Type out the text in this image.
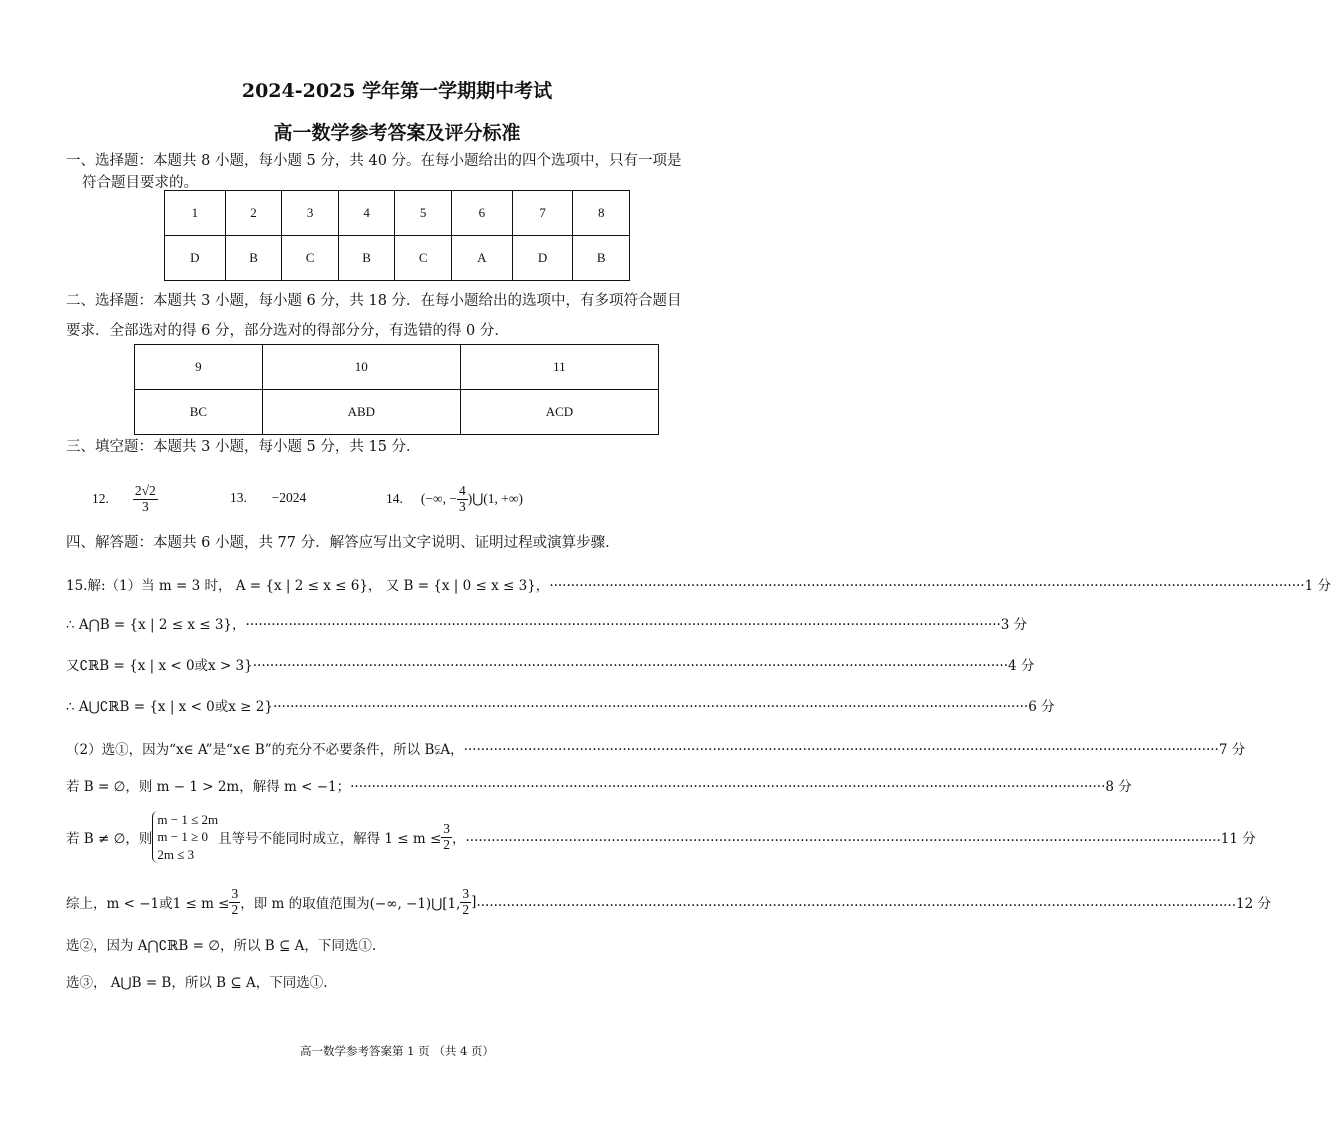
2024-2025 学年第一学期期中考试
高一数学参考答案及评分标准
一、选择题：本题共 8 小题，每小题 5 分，共 40 分。在每小题给出的四个选项中，只有一项是
符合题目要求的。
1	2	3	4	5	6	7	8
D	B	C	B	C	A	D	B
二、选择题：本题共 3 小题，每小题 6 分，共 18 分．在每小题给出的选项中，有多项符合题目
要求．全部选对的得 6 分，部分选对的得部分分，有选错的得 0 分．
9	10	11
BC	ABD	ACD
三、填空题：本题共 3 小题，每小题 5 分，共 15 分．
12. $\frac{2√2}{3}$	13. −2024	14. (−∞, − $\frac{4}{3}$ )⋃(1, +∞)
四、解答题：本题共 6 小题，共 77 分．解答应写出文字说明、证明过程或演算步骤．
15.解:（1）当 m = 3 时， A = {x | 2 ≤ x ≤ 6}， 又 B = {x | 0 ≤ x ≤ 3}， ................................................................................................................................................................................ 1 分
∴ A⋂B = {x | 2 ≤ x ≤ 3}， ................................................................................................................................................................................ 3 分
又∁ℝB = {x | x < 0或x > 3} ................................................................................................................................................................................ 4 分
∴ A⋃∁ℝB = {x | x < 0或x ≥ 2} ................................................................................................................................................................................ 6 分
（2）选①，因为“x∈ A”是“x∈ B”的充分不必要条件，所以 B⫋A， ................................................................................................................................................................................ 7 分
若 B = ∅，则 m − 1 > 2m，解得 m < −1； ................................................................................................................................................................................ 8 分
若 B ≠ ∅，则
m − 1 ≤ 2m
m − 1 ≥ 0
2m ≤ 3
且等号不能同时成立，解得 $1 \le m \le \frac{3}{2}$ ， ................................................................................................................................................................................ 11 分
综上，m < −1或$1 \le m \le \frac{3}{2}$ ，即 m 的取值范围为(−∞, −1)⋃[1, $\frac{3}{2}$ ]. ................................................................................................................................................................................ 12 分
选②，因为 A⋂∁ℝB = ∅，所以 B ⊆ A，下同选①.
选③， A⋃B = B，所以 B ⊆ A，下同选①.
高一数学参考答案第 1 页 （共 4 页）
